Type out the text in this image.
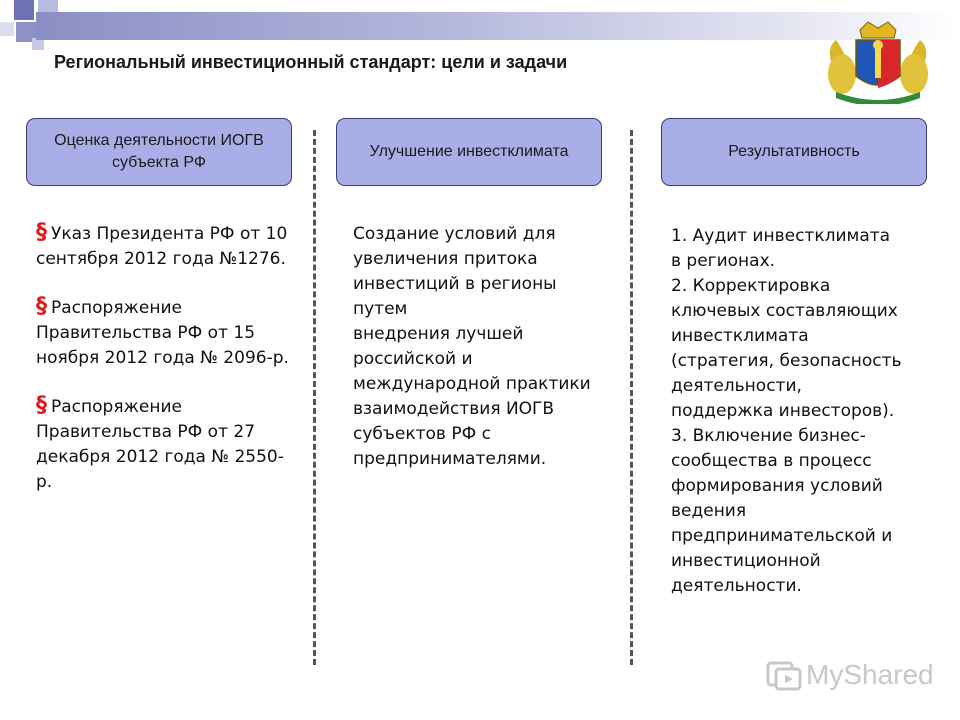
Региональный инвестиционный стандарт: цели и задачи
Оценка деятельности ИОГВ субъекта РФ
Улучшение инвестклимата	Результативность

§ Указ Президента РФ от 10 сентября 2012 года №1276.

§ Распоряжение Правительства РФ от 15 ноября 2012 года № 2096-р.

§ Распоряжение Правительства РФ от 27 декабря 2012 года № 2550-р.

Создание условий для

увеличения притока

инвестиций в регионы

путем

внедрения лучшей

российской и

международной практики

взаимодействия ИОГВ

субъектов РФ с

предпринимателями.

1. Аудит инвестклимата

в регионах.

2. Корректировка

ключевых составляющих

инвестклимата

(стратегия, безопасность

деятельности,

поддержка инвесторов).

3. Включение бизнес-

сообщества в процесс

формирования условий

ведения

предпринимательской и

инвестиционной

деятельности.

MyShared
